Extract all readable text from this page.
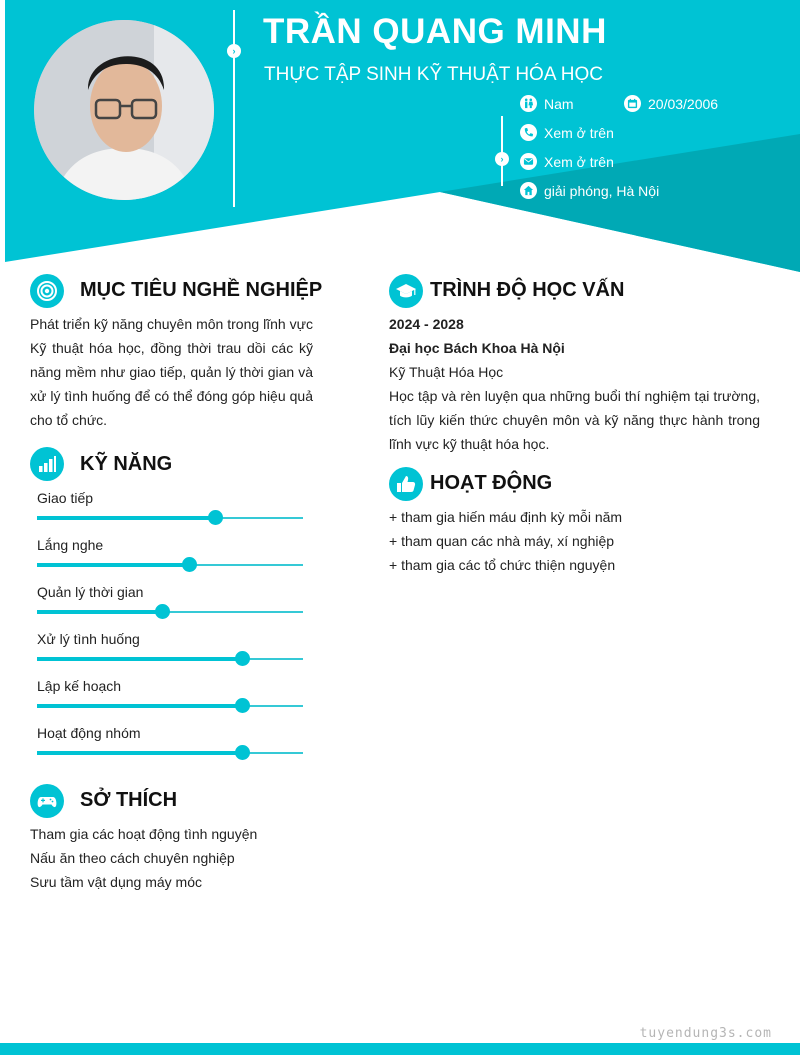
› TRẦN QUANG MINH
THỰC TẬP SINH KỸ THUẬT HÓA HỌC
Nam	20/03/2006
›
Xem ở trên
Xem ở trên
giải phóng, Hà Nội
MỤC TIÊU NGHỀ NGHIỆP
Phát triển kỹ năng chuyên môn trong lĩnh vực Kỹ thuật hóa học, đồng thời trau dồi các kỹ năng mềm như giao tiếp, quản lý thời gian và xử lý tình huống để có thể đóng góp hiệu quả cho tổ chức.
KỸ NĂNG
Giao tiếp
Lắng nghe
Quản lý thời gian
Xử lý tình huống
Lập kế hoạch
Hoạt động nhóm
SỞ THÍCH
Tham gia các hoạt động tình nguyện
Nấu ăn theo cách chuyên nghiệp
Sưu tầm vật dụng máy móc
TRÌNH ĐỘ HỌC VẤN
2024 - 2028
Đại học Bách Khoa Hà Nội
Kỹ Thuật Hóa Học
Học tập và rèn luyện qua những buổi thí nghiệm tại trường, tích lũy kiến thức chuyên môn và kỹ năng thực hành trong lĩnh vực kỹ thuật hóa học.
HOẠT ĐỘNG
+ tham gia hiến máu định kỳ mỗi năm
+ tham quan các nhà máy, xí nghiệp
+ tham gia các tổ chức thiện nguyện
tuyendung3s.com
